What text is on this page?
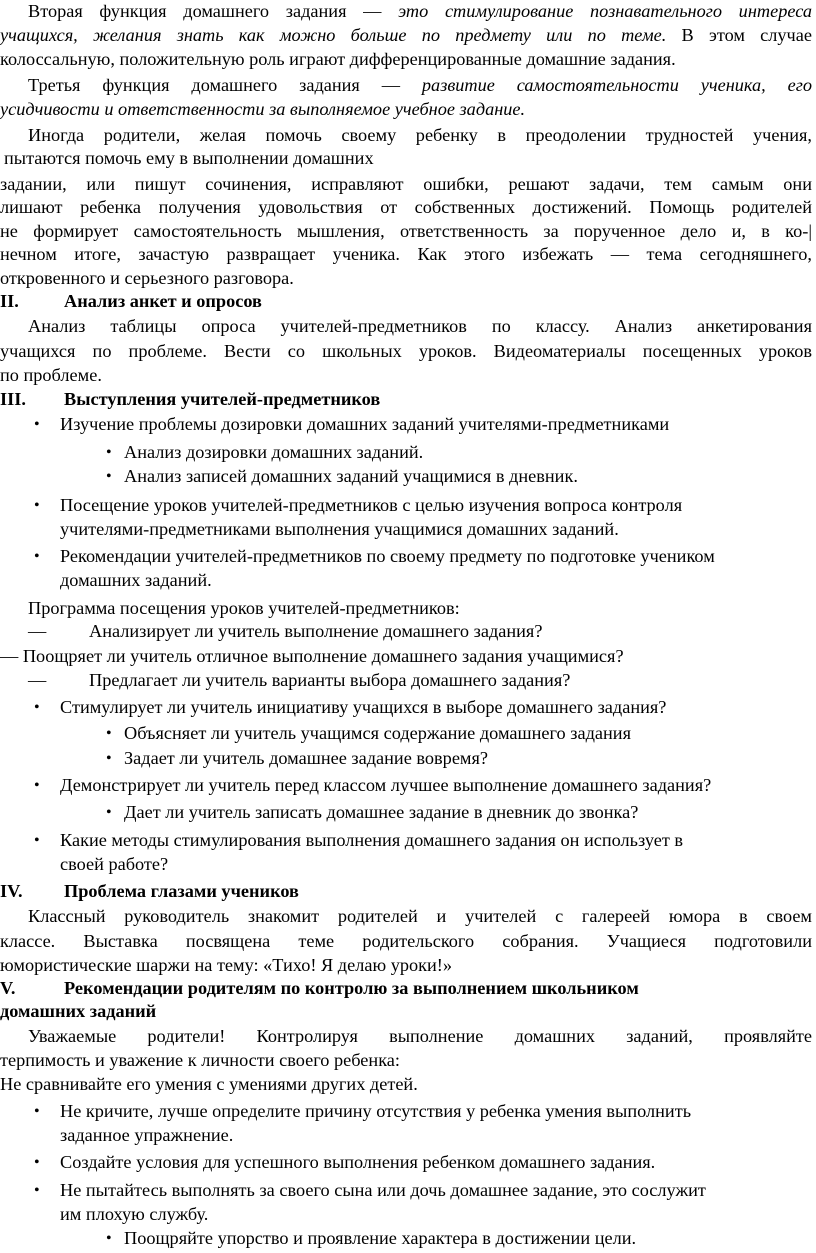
Вторая функция домашнего задания — это стимулирование познавательного интереса
учащихся, желания знать как можно больше по предмету или по теме. В этом случае
колоссальную, положительную роль играют дифференцированные домашние задания.
Третья функция домашнего задания — развитие самостоятельности ученика, его
усидчивости и ответственности за выполняемое учебное задание.
Иногда родители, желая помочь своему ребенку в преодолении трудностей учения,
пытаются помочь ему в выполнении домашних
задании, или пишут сочинения, исправляют ошибки, решают задачи, тем самым они
лишают ребенка получения удовольствия от собственных достижений. Помощь родителей
не формирует самостоятельность мышления, ответственность за порученное дело и, в ко-|
нечном итоге, зачастую развращает ученика. Как этого избежать — тема сегодняшнего,
откровенного и серьезного разговора.
II. Анализ анкет и опросов
Анализ таблицы опроса учителей-предметников по классу. Анализ анкетирования
учащихся по проблеме. Вести со школьных уроков. Видеоматериалы посещенных уроков
по проблеме.
III. Выступления учителей-предметников
• Изучение проблемы дозировки домашних заданий учителями-предметниками
• Анализ дозировки домашних заданий.
• Анализ записей домашних заданий учащимися в дневник.
• Посещение уроков учителей-предметников с целью изучения вопроса контроля
учителями-предметниками выполнения учащимися домашних заданий.
• Рекомендации учителей-предметников по своему предмету по подготовке учеником
домашних заданий.
Программа посещения уроков учителей-предметников:
— Анализирует ли учитель выполнение домашнего задания?
— Поощряет ли учитель отличное выполнение домашнего задания учащимися?
— Предлагает ли учитель варианты выбора домашнего задания?
• Стимулирует ли учитель инициативу учащихся в выборе домашнего задания?
• Объясняет ли учитель учащимся содержание домашнего задания
• Задает ли учитель домашнее задание вовремя?
• Демонстрирует ли учитель перед классом лучшее выполнение домашнего задания?
• Дает ли учитель записать домашнее задание в дневник до звонка?
• Какие методы стимулирования выполнения домашнего задания он использует в
своей работе?
IV. Проблема глазами учеников
Классный руководитель знакомит родителей и учителей с галереей юмора в своем
классе. Выставка посвящена теме родительского собрания. Учащиеся подготовили
юмористические шаржи на тему: «Тихо! Я делаю уроки!»
V.	Рекомендации родителям по контролю за выполнением школьником
домашних заданий
Уважаемые родители! Контролируя выполнение домашних заданий, проявляйте
терпимость и уважение к личности своего ребенка:
Не сравнивайте его умения с умениями других детей.
• Не кричите, лучше определите причину отсутствия у ребенка умения выполнить
заданное упражнение.
• Создайте условия для успешного выполнения ребенком домашнего задания.
• Не пытайтесь выполнять за своего сына или дочь домашнее задание, это сослужит
им плохую службу.
• Поощряйте упорство и проявление характера в достижении цели.
